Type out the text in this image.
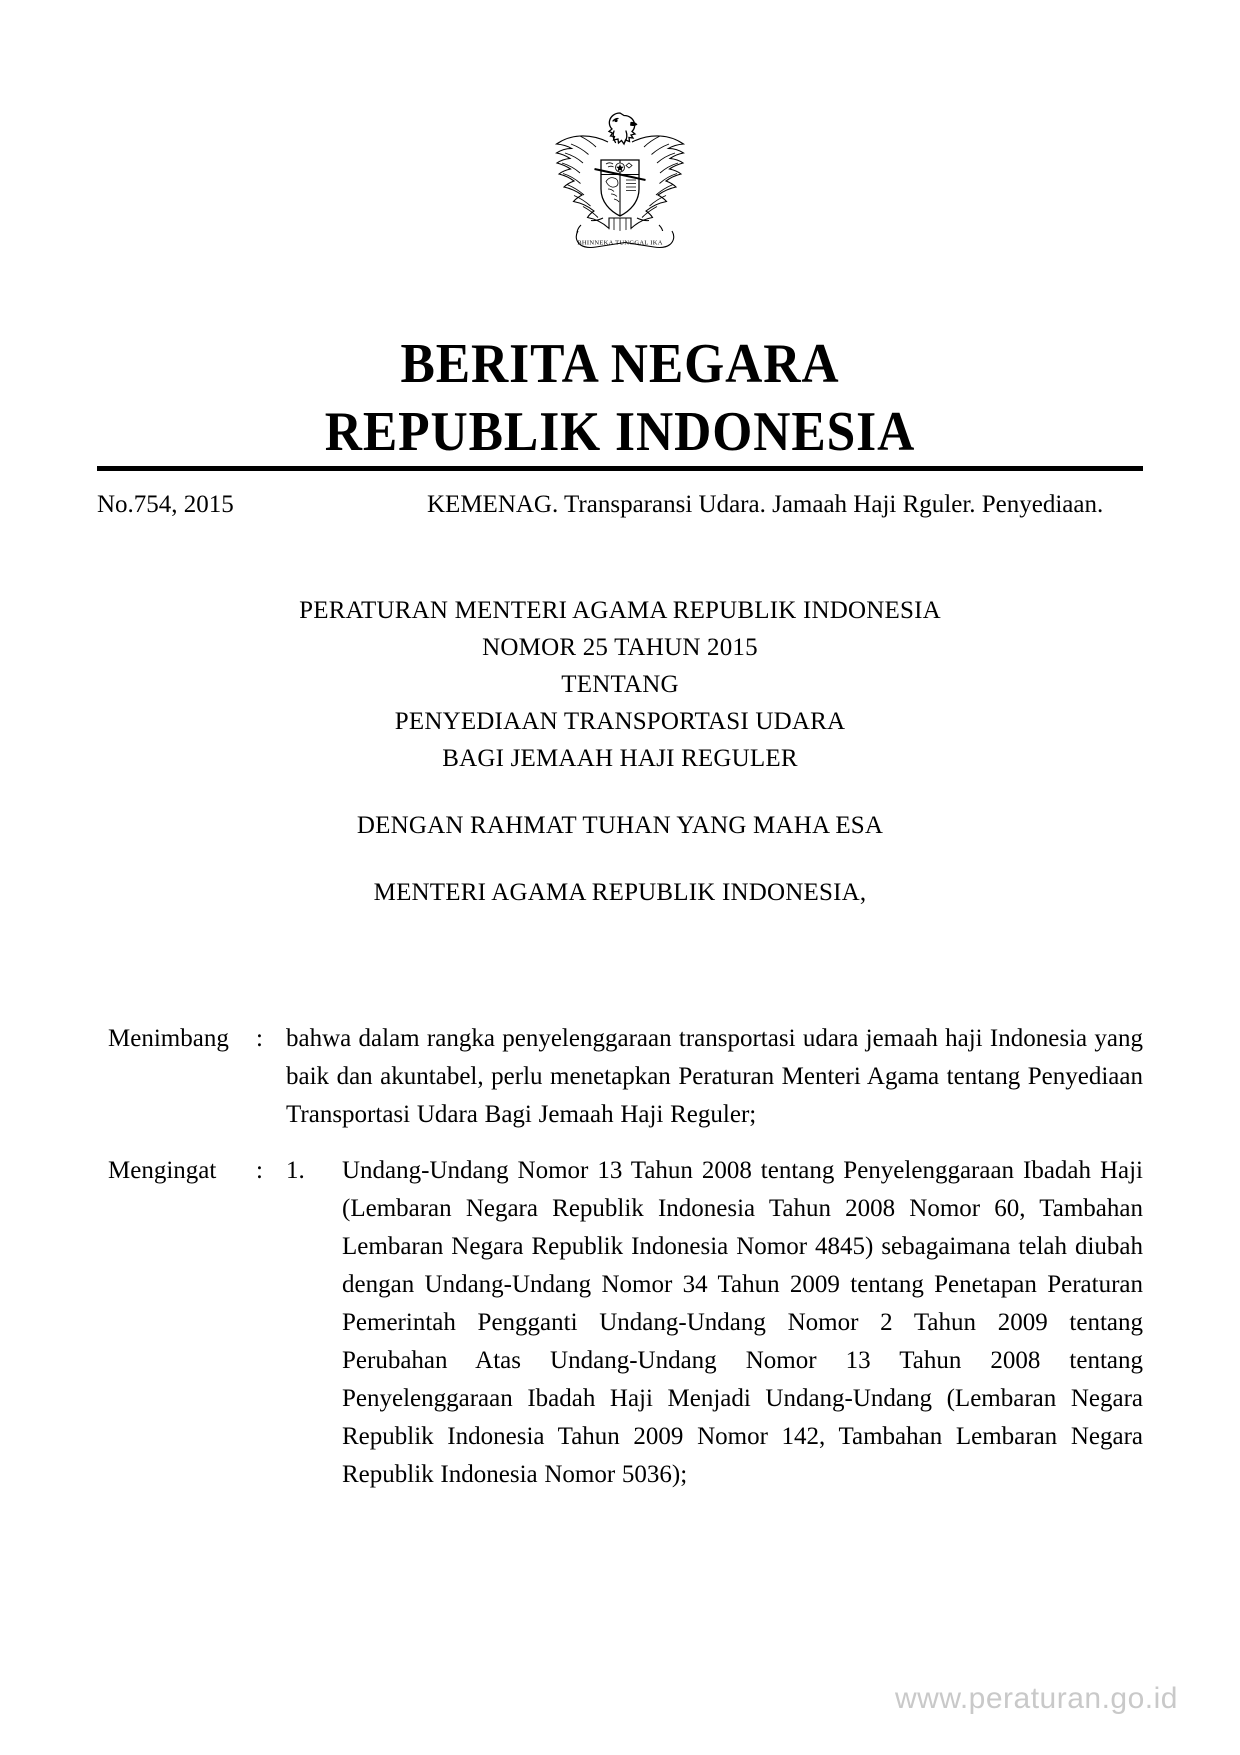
BHINNEKA TUNGGAL IKA
BERITA NEGARA
REPUBLIK INDONESIA
No.754, 2015	KEMENAG. Transparansi Udara. Jamaah Haji Rguler. Penyediaan.
PERATURAN MENTERI AGAMA REPUBLIK INDONESIA
NOMOR 25 TAHUN 2015
TENTANG
PENYEDIAAN TRANSPORTASI UDARA
BAGI JEMAAH HAJI REGULER
DENGAN RAHMAT TUHAN YANG MAHA ESA
MENTERI AGAMA REPUBLIK INDONESIA,
Menimbang	: bahwa dalam rangka penyelenggaraan transportasi udara jemaah haji Indonesia yang baik dan akuntabel, perlu menetapkan Peraturan Menteri Agama tentang Penyediaan Transportasi Udara Bagi Jemaah Haji Reguler;
Mengingat	: 1.	Undang-Undang Nomor 13 Tahun 2008 tentang Penyelenggaraan Ibadah Haji (Lembaran Negara Republik Indonesia Tahun 2008 Nomor 60, Tambahan Lembaran Negara Republik Indonesia Nomor 4845) sebagaimana telah diubah dengan Undang-Undang Nomor 34 Tahun 2009 tentang Penetapan Peraturan Pemerintah Pengganti Undang-Undang Nomor 2 Tahun 2009 tentang Perubahan Atas Undang-Undang Nomor 13 Tahun 2008 tentang Penyelenggaraan Ibadah Haji Menjadi Undang-Undang (Lembaran Negara Republik Indonesia Tahun 2009 Nomor 142, Tambahan Lembaran Negara Republik Indonesia Nomor 5036);
www.peraturan.go.id
